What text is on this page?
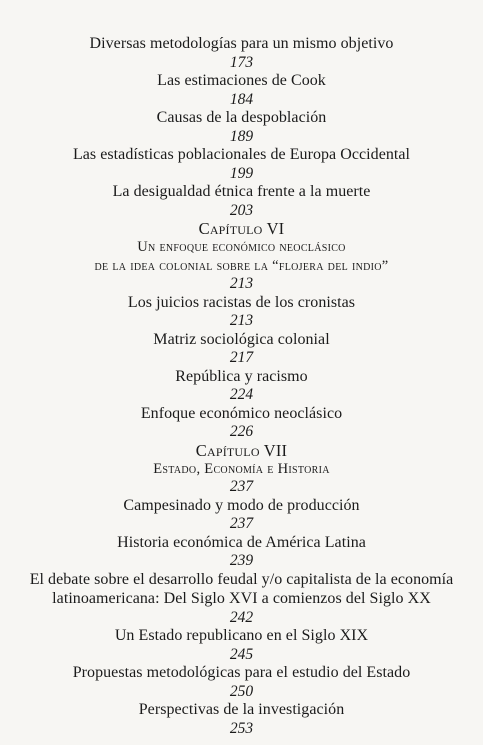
Diversas metodologías para un mismo objetivo
173
Las estimaciones de Cook
184
Causas de la despoblación
189
Las estadísticas poblacionales de Europa Occidental
199
La desigualdad étnica frente a la muerte
203
Capítulo VI
Un enfoque económico neoclásico
de la idea colonial sobre la “flojera del indio”
213
Los juicios racistas de los cronistas
213
Matriz sociológica colonial
217
República y racismo
224
Enfoque económico neoclásico
226
Capítulo VII
Estado, Economía e Historia
237
Campesinado y modo de producción
237
Historia económica de América Latina
239
El debate sobre el desarrollo feudal y/o capitalista de la economía
latinoamericana: Del Siglo XVI a comienzos del Siglo XX
242
Un Estado republicano en el Siglo XIX
245
Propuestas metodológicas para el estudio del Estado
250
Perspectivas de la investigación
253
